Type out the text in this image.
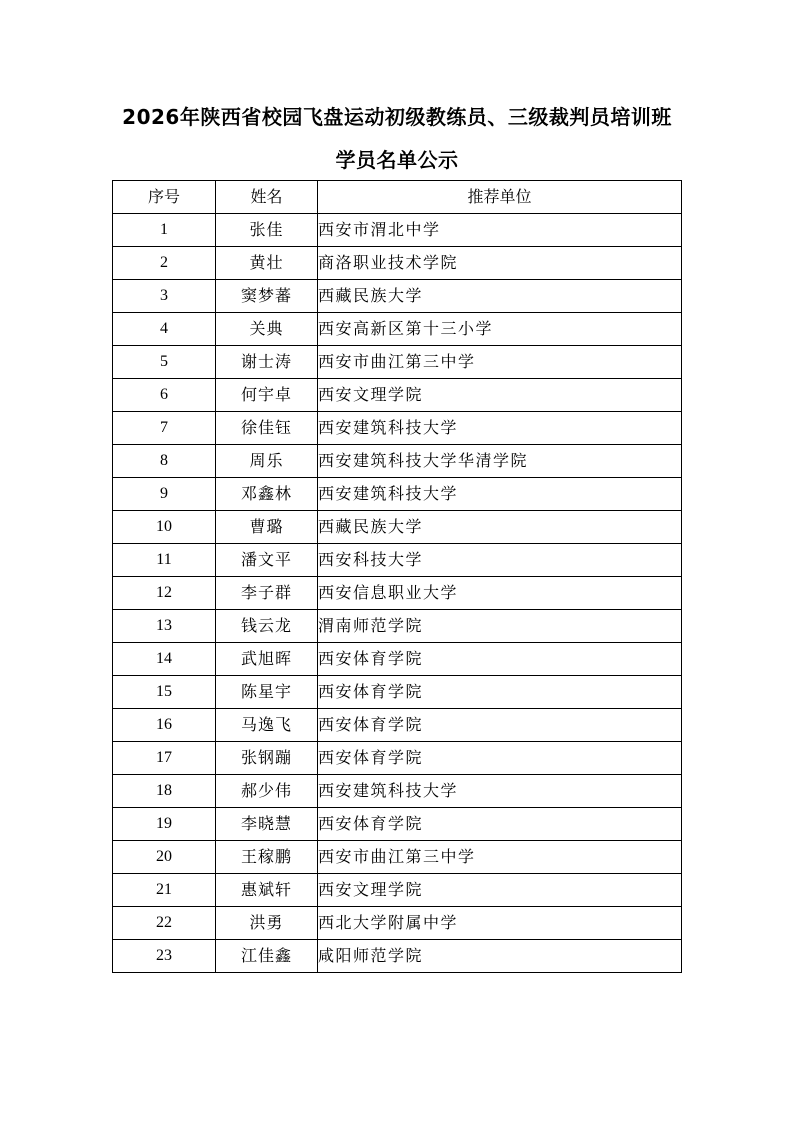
2026年陕西省校园飞盘运动初级教练员、三级裁判员培训班
学员名单公示
序号	姓名	推荐单位
1	张佳	西安市渭北中学
2	黄壮	商洛职业技术学院
3	窦梦蕃	西藏民族大学
4	关典	西安高新区第十三小学
5	谢士涛	西安市曲江第三中学
6	何宇卓	西安文理学院
7	徐佳钰	西安建筑科技大学
8	周乐	西安建筑科技大学华清学院
9	邓鑫林	西安建筑科技大学
10	曹璐	西藏民族大学
11	潘文平	西安科技大学
12	李子群	西安信息职业大学
13	钱云龙	渭南师范学院
14	武旭晖	西安体育学院
15	陈星宇	西安体育学院
16	马逸飞	西安体育学院
17	张钢蹦	西安体育学院
18	郝少伟	西安建筑科技大学
19	李晓慧	西安体育学院
20	王稼鹏	西安市曲江第三中学
21	惠斌轩	西安文理学院
22	洪勇	西北大学附属中学
23	江佳鑫	咸阳师范学院
